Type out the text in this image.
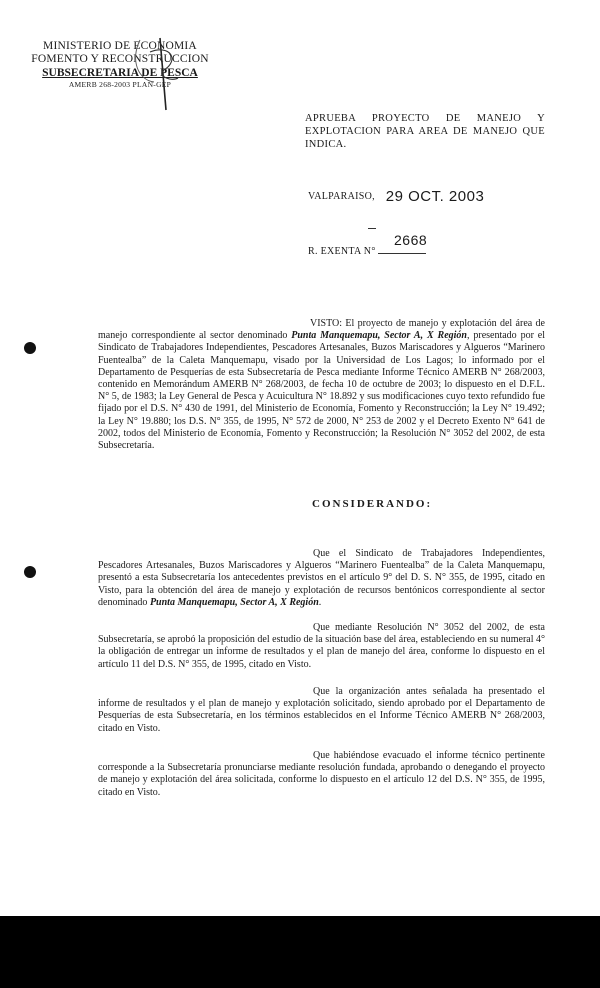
MINISTERIO DE ECONOMIA
FOMENTO Y RECONSTRUCCION
SUBSECRETARIA DE PESCA
AMERB 268-2003 PLAN-GEP
APRUEBA PROYECTO DE MANEJO Y EXPLOTACION PARA AREA DE MANEJO QUE INDICA.
VALPARAISO, 29 OCT. 2003
R. EXENTA N°
2668

VISTO: El proyecto de manejo y explotación del área de manejo correspondiente al sector denominado Punta Manquemapu, Sector A, X Región, presentado por el Sindicato de Trabajadores Independientes, Pescadores Artesanales, Buzos Mariscadores y Algueros “Marinero Fuentealba” de la Caleta Manquemapu, visado por la Universidad de Los Lagos; lo informado por el Departamento de Pesquerías de esta Subsecretaría de Pesca mediante Informe Técnico AMERB N° 268/2003, contenido en Memorándum AMERB N° 268/2003, de fecha 10 de octubre de 2003; lo dispuesto en el D.F.L. N° 5, de 1983; la Ley General de Pesca y Acuicultura N° 18.892 y sus modificaciones cuyo texto refundido fue fijado por el D.S. N° 430 de 1991, del Ministerio de Economía, Fomento y Reconstrucción; la Ley N° 19.492; la Ley N° 19.880; los D.S. N° 355, de 1995, N° 572 de 2000, N° 253 de 2002 y el Decreto Exento N° 641 de 2002, todos del Ministerio de Economía, Fomento y Reconstrucción; la Resolución N° 3052 del 2002, de esta Subsecretaría.

CONSIDERANDO:

Que el Sindicato de Trabajadores Independientes, Pescadores Artesanales, Buzos Mariscadores y Algueros “Marinero Fuentealba” de la Caleta Manquemapu, presentó a esta Subsecretaría los antecedentes previstos en el artículo 9° del D. S. N° 355, de 1995, citado en Visto, para la obtención del área de manejo y explotación de recursos bentónicos correspondiente al sector denominado Punta Manquemapu, Sector A, X Región.

Que mediante Resolución N° 3052 del 2002, de esta Subsecretaría, se aprobó la proposición del estudio de la situación base del área, estableciendo en su numeral 4° la obligación de entregar un informe de resultados y el plan de manejo del área, conforme lo dispuesto en el artículo 11 del D.S. N° 355, de 1995, citado en Visto.

Que la organización antes señalada ha presentado el informe de resultados y el plan de manejo y explotación solicitado, siendo aprobado por el Departamento de Pesquerías de esta Subsecretaría, en los términos establecidos en el Informe Técnico AMERB N° 268/2003, citado en Visto.

Que habiéndose evacuado el informe técnico pertinente corresponde a la Subsecretaría pronunciarse mediante resolución fundada, aprobando o denegando el proyecto de manejo y explotación del área solicitada, conforme lo dispuesto en el artículo 12 del D.S. N° 355, de 1995, citado en Visto.
